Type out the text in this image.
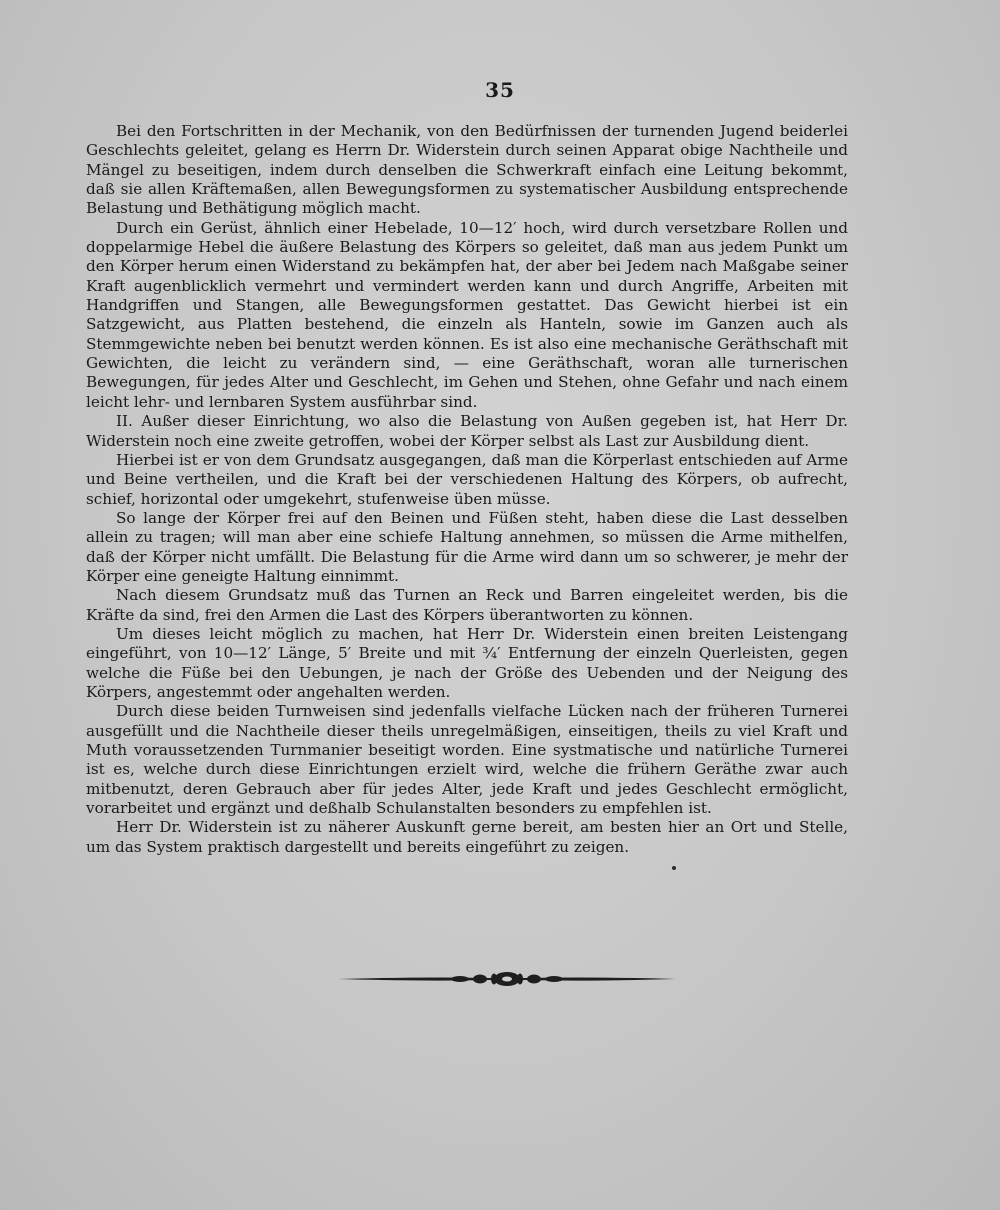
35

Bei den Fortschritten in der Mechanik, von den Bedürfnissen der turnenden Jugend beiderlei Geschlechts geleitet, gelang es Herrn Dr. Widerstein durch seinen Apparat obige Nachtheile und Mängel zu beseitigen, indem durch denselben die Schwerkraft einfach eine Leitung bekommt, daß sie allen Kräftemaßen, allen Bewegungsformen zu systematischer Ausbildung entsprechende Belastung und Bethätigung möglich macht.

Durch ein Gerüst, ähnlich einer Hebelade, 10—12′ hoch, wird durch versetzbare Rollen und doppelarmige Hebel die äußere Belastung des Körpers so geleitet, daß man aus jedem Punkt um den Körper herum einen Widerstand zu bekämpfen hat, der aber bei Jedem nach Maßgabe seiner Kraft augenblicklich vermehrt und vermindert werden kann und durch Angriffe, Arbeiten mit Handgriffen und Stangen, alle Bewegungsformen gestattet. Das Gewicht hierbei ist ein Satzgewicht, aus Platten bestehend, die einzeln als Hanteln, sowie im Ganzen auch als Stemmgewichte neben bei benutzt werden können. Es ist also eine mechanische Geräthschaft mit Gewichten, die leicht zu verändern sind, — eine Geräthschaft, woran alle turnerischen Bewegungen, für jedes Alter und Geschlecht, im Gehen und Stehen, ohne Gefahr und nach einem leicht lehr- und lernbaren System ausführbar sind.

II. Außer dieser Einrichtung, wo also die Belastung von Außen gegeben ist, hat Herr Dr. Widerstein noch eine zweite getroffen, wobei der Körper selbst als Last zur Ausbildung dient.

Hierbei ist er von dem Grundsatz ausgegangen, daß man die Körperlast entschieden auf Arme und Beine vertheilen, und die Kraft bei der verschiedenen Haltung des Körpers, ob aufrecht, schief, horizontal oder umgekehrt, stufenweise üben müsse.

So lange der Körper frei auf den Beinen und Füßen steht, haben diese die Last desselben allein zu tragen; will man aber eine schiefe Haltung annehmen, so müssen die Arme mithelfen, daß der Körper nicht umfällt. Die Belastung für die Arme wird dann um so schwerer, je mehr der Körper eine geneigte Haltung einnimmt.

Nach diesem Grundsatz muß das Turnen an Reck und Barren eingeleitet werden, bis die Kräfte da sind, frei den Armen die Last des Körpers überantworten zu können.

Um dieses leicht möglich zu machen, hat Herr Dr. Widerstein einen breiten Leistengang eingeführt, von 10—12′ Länge, 5′ Breite und mit ¾′ Entfernung der einzeln Querleisten, gegen welche die Füße bei den Uebungen, je nach der Größe des Uebenden und der Neigung des Körpers, angestemmt oder angehalten werden.

Durch diese beiden Turnweisen sind jedenfalls vielfache Lücken nach der früheren Turnerei ausgefüllt und die Nachtheile dieser theils unregelmäßigen, einseitigen, theils zu viel Kraft und Muth voraussetzenden Turnmanier beseitigt worden. Eine systmatische und natürliche Turnerei ist es, welche durch diese Einrichtungen erzielt wird, welche die frühern Geräthe zwar auch mitbenutzt, deren Gebrauch aber für jedes Alter, jede Kraft und jedes Geschlecht ermöglicht, vorarbeitet und ergänzt und deßhalb Schulanstalten besonders zu empfehlen ist.

Herr Dr. Widerstein ist zu näherer Auskunft gerne bereit, am besten hier an Ort und Stelle, um das System praktisch dargestellt und bereits eingeführt zu zeigen.
